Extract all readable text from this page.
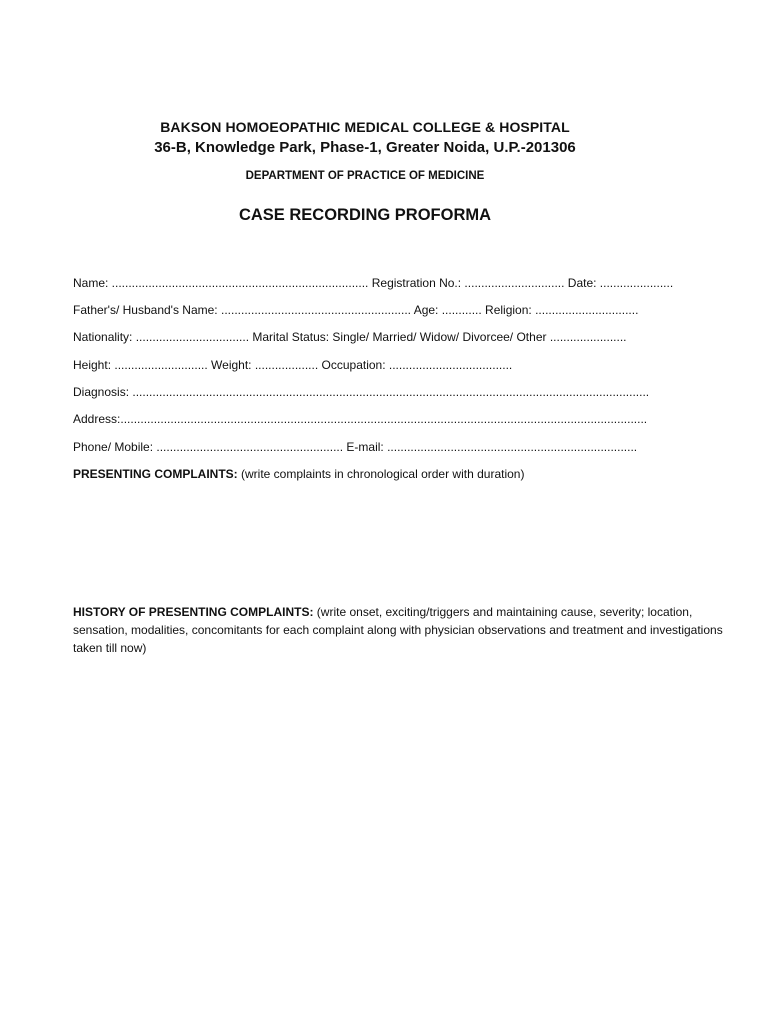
BAKSON HOMOEOPATHIC MEDICAL COLLEGE & HOSPITAL
36-B, Knowledge Park, Phase-1, Greater Noida, U.P.-201306
DEPARTMENT OF PRACTICE OF MEDICINE
CASE RECORDING PROFORMA
Name: ............................................................................. Registration No.: .............................. Date: ......................
Father's/ Husband's Name: ......................................................... Age: ............ Religion: ...............................
Nationality: .................................. Marital Status: Single/ Married/ Widow/ Divorcee/ Other .......................
Height: ............................ Weight: ................... Occupation: .....................................
Diagnosis: ...........................................................................................................................................................
Address:..............................................................................................................................................................
Phone/ Mobile: ........................................................ E-mail: ...........................................................................
PRESENTING COMPLAINTS: (write complaints in chronological order with duration)
HISTORY OF PRESENTING COMPLAINTS: (write onset, exciting/triggers and maintaining cause, severity; location, sensation, modalities, concomitants for each complaint along with physician observations and treatment and investigations taken till now)
